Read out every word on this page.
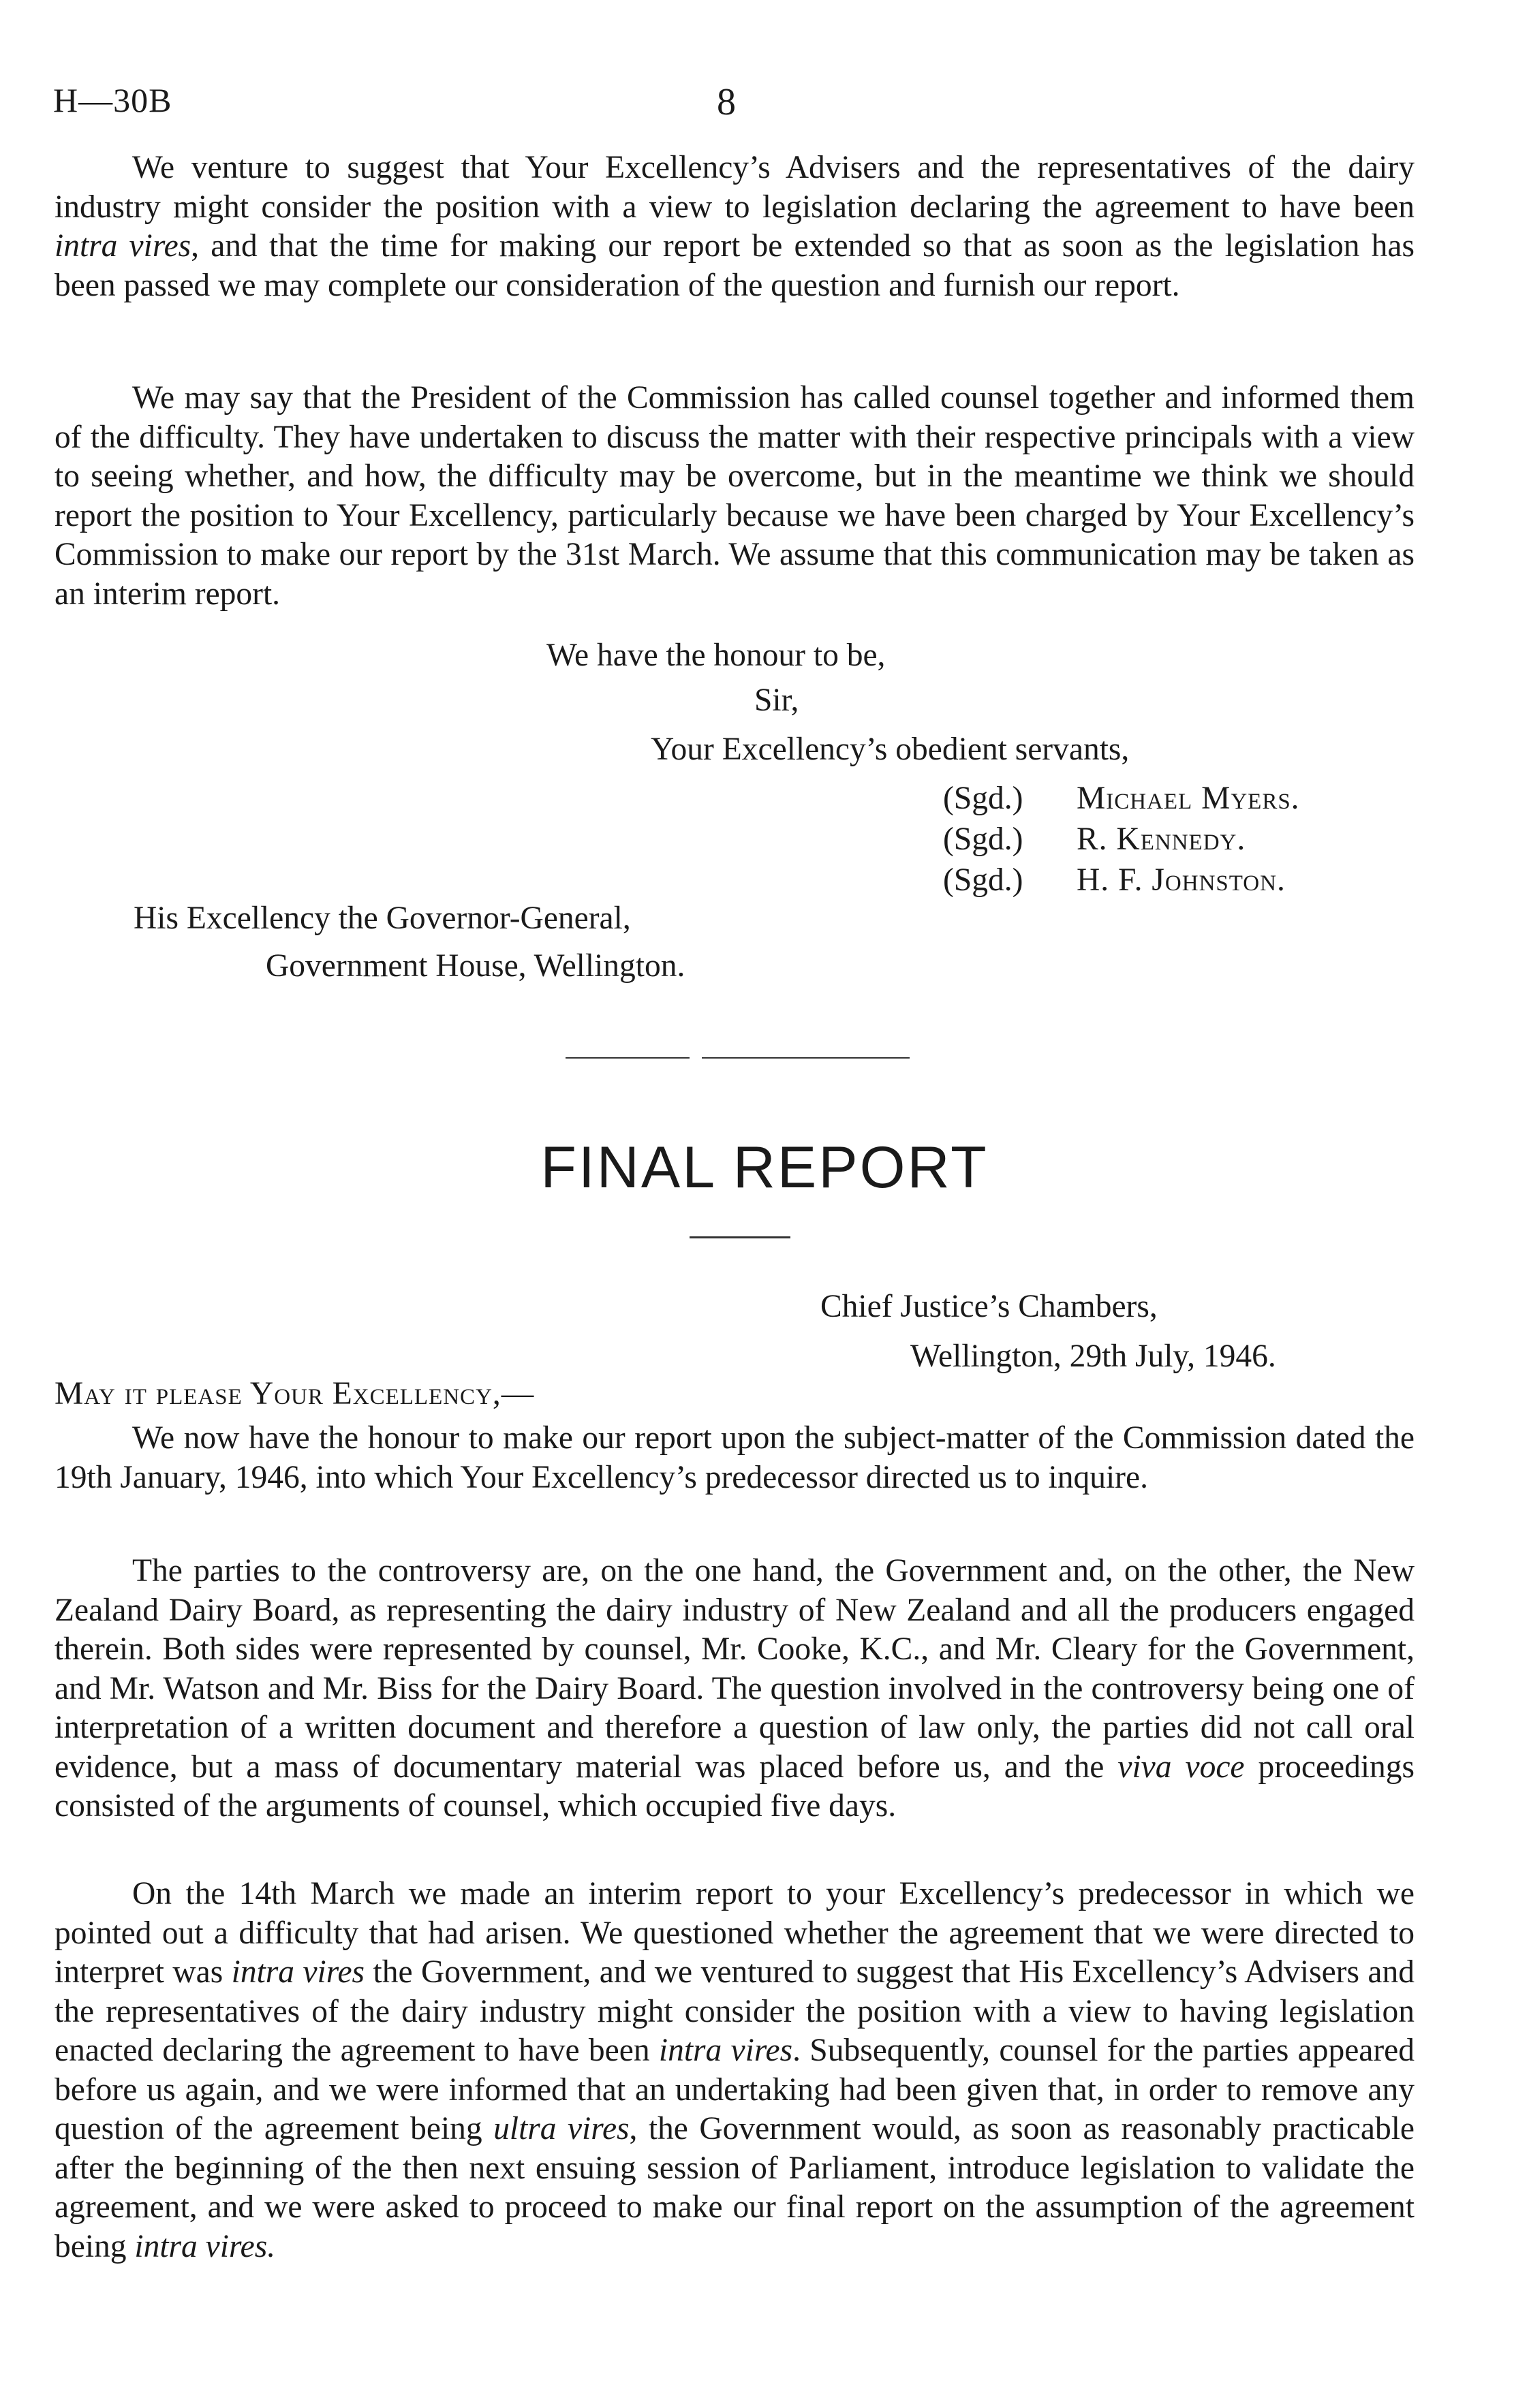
H—30B	8

We venture to suggest that Your Excellency’s Advisers and the representatives of the dairy industry might consider the position with a view to legislation declaring the agreement to have been intra vires, and that the time for making our report be extended so that as soon as the legislation has been passed we may complete our consideration of the question and furnish our report.

We may say that the President of the Commission has called counsel together and informed them of the difficulty. They have undertaken to discuss the matter with their respective principals with a view to seeing whether, and how, the difficulty may be overcome, but in the meantime we think we should report the position to Your Excellency, particularly because we have been charged by Your Excellency’s Commission to make our report by the 31st March. We assume that this communication may be taken as an interim report.

We have the honour to be,
Sir,
Your Excellency’s obedient servants,
(Sgd.) Michael Myers.
(Sgd.) R. Kennedy.
(Sgd.) H. F. Johnston.
His Excellency the Governor-General,
Government House, Wellington.
FINAL REPORT
Chief Justice’s Chambers,
Wellington, 29th July, 1946.
May it please Your Excellency,—

We now have the honour to make our report upon the subject-matter of the Commission dated the 19th January, 1946, into which Your Excellency’s predecessor directed us to inquire.

The parties to the controversy are, on the one hand, the Government and, on the other, the New Zealand Dairy Board, as representing the dairy industry of New Zealand and all the producers engaged therein. Both sides were represented by counsel, Mr. Cooke, K.C., and Mr. Cleary for the Government, and Mr. Watson and Mr. Biss for the Dairy Board. The question involved in the controversy being one of interpretation of a written document and therefore a question of law only, the parties did not call oral evidence, but a mass of documentary material was placed before us, and the viva voce proceedings consisted of the arguments of counsel, which occupied five days.

On the 14th March we made an interim report to your Excellency’s predecessor in which we pointed out a difficulty that had arisen. We questioned whether the agreement that we were directed to interpret was intra vires the Government, and we ventured to suggest that His Excellency’s Advisers and the representatives of the dairy industry might consider the position with a view to having legislation enacted declaring the agreement to have been intra vires. Subsequently, counsel for the parties appeared before us again, and we were informed that an undertaking had been given that, in order to remove any question of the agreement being ultra vires, the Government would, as soon as reasonably practicable after the beginning of the then next ensuing session of Parliament, introduce legislation to validate the agreement, and we were asked to proceed to make our final report on the assumption of the agreement being intra vires.
